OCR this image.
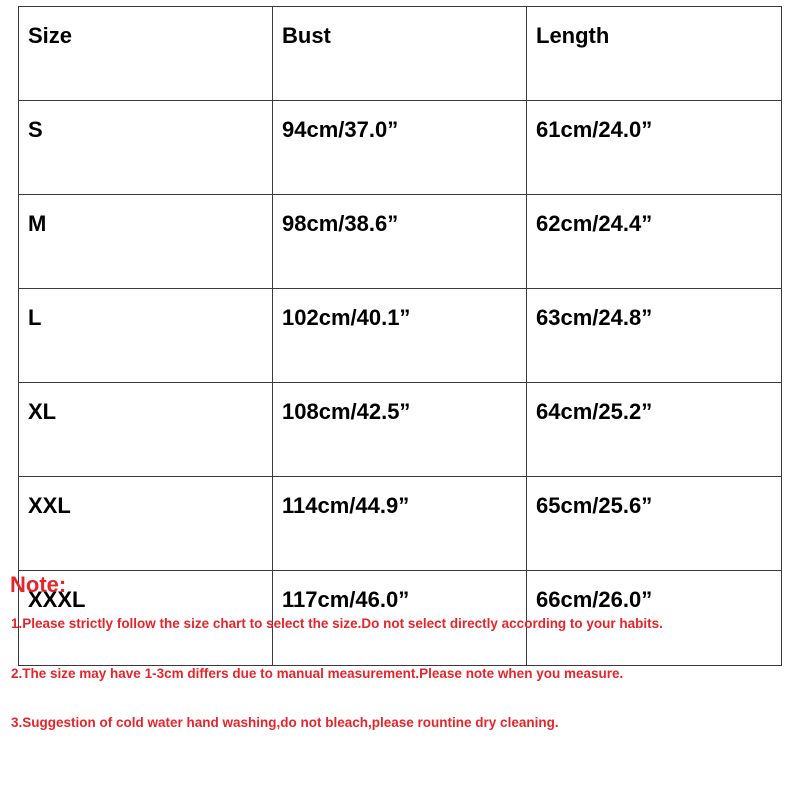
Size	Bust	Length
S	94cm/37.0”	61cm/24.0”
M	98cm/38.6”	62cm/24.4”
L	102cm/40.1”	63cm/24.8”
XL	108cm/42.5”	64cm/25.2”
XXL	114cm/44.9”	65cm/25.6”
XXXL	117cm/46.0”	66cm/26.0”

Note:

1.Please strictly follow the size chart to select the size.Do not select directly according to your habits.

2.The size may have 1-3cm differs due to manual measurement.Please note when you measure.

3.Suggestion of cold water hand washing,do not bleach,please rountine dry cleaning.
